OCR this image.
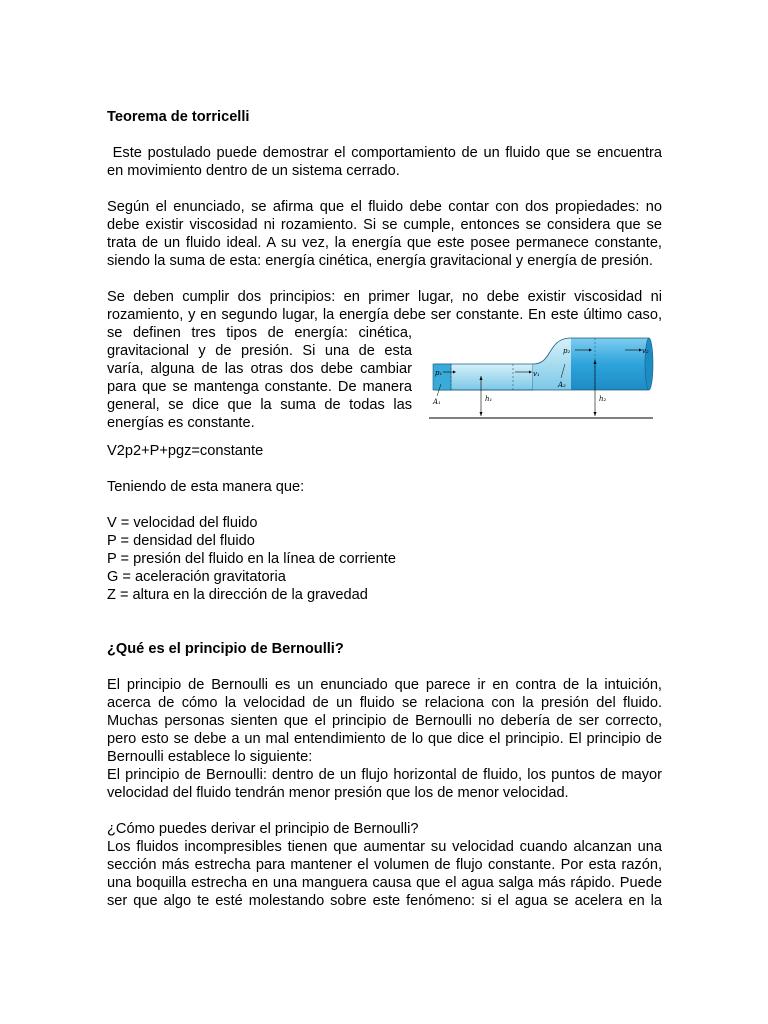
Teorema de torricelli

Este postulado puede demostrar el comportamiento de un fluido que se encuentra
en movimiento dentro de un sistema cerrado.

Según el enunciado, se afirma que el fluido debe contar con dos propiedades: no
debe existir viscosidad ni rozamiento. Si se cumple, entonces se considera que se
trata de un fluido ideal. A su vez, la energía que este posee permanece constante,
siendo la suma de esta: energía cinética, energía gravitacional y energía de presión.

Se deben cumplir dos principios: en primer lugar, no debe existir viscosidad ni
rozamiento, y en segundo lugar, la energía debe ser constante. En este último caso,

se definen tres tipos de energía: cinética,
gravitacional y de presión. Si una de esta
varía, alguna de las otras dos debe cambiar
para que se mantenga constante. De manera
general, se dice que la suma de todas las
energías es constante.

p₁	v₁
A₁	h₁
p₂	v₂
A₂
h₂

V2p2+P+pgz=constante

Teniendo de esta manera que:

V = velocidad del fluido
P = densidad del fluido
P = presión del fluido en la línea de corriente
G = aceleración gravitatoria
Z = altura en la dirección de la gravedad

¿Qué es el principio de Bernoulli?

El principio de Bernoulli es un enunciado que parece ir en contra de la intuición,
acerca de cómo la velocidad de un fluido se relaciona con la presión del fluido.
Muchas personas sienten que el principio de Bernoulli no debería de ser correcto,
pero esto se debe a un mal entendimiento de lo que dice el principio. El principio de
Bernoulli establece lo siguiente:
El principio de Bernoulli: dentro de un flujo horizontal de fluido, los puntos de mayor
velocidad del fluido tendrán menor presión que los de menor velocidad.

¿Cómo puedes derivar el principio de Bernoulli?

Los fluidos incompresibles tienen que aumentar su velocidad cuando alcanzan una
sección más estrecha para mantener el volumen de flujo constante. Por esta razón,
una boquilla estrecha en una manguera causa que el agua salga más rápido. Puede
ser que algo te esté molestando sobre este fenómeno: si el agua se acelera en la
